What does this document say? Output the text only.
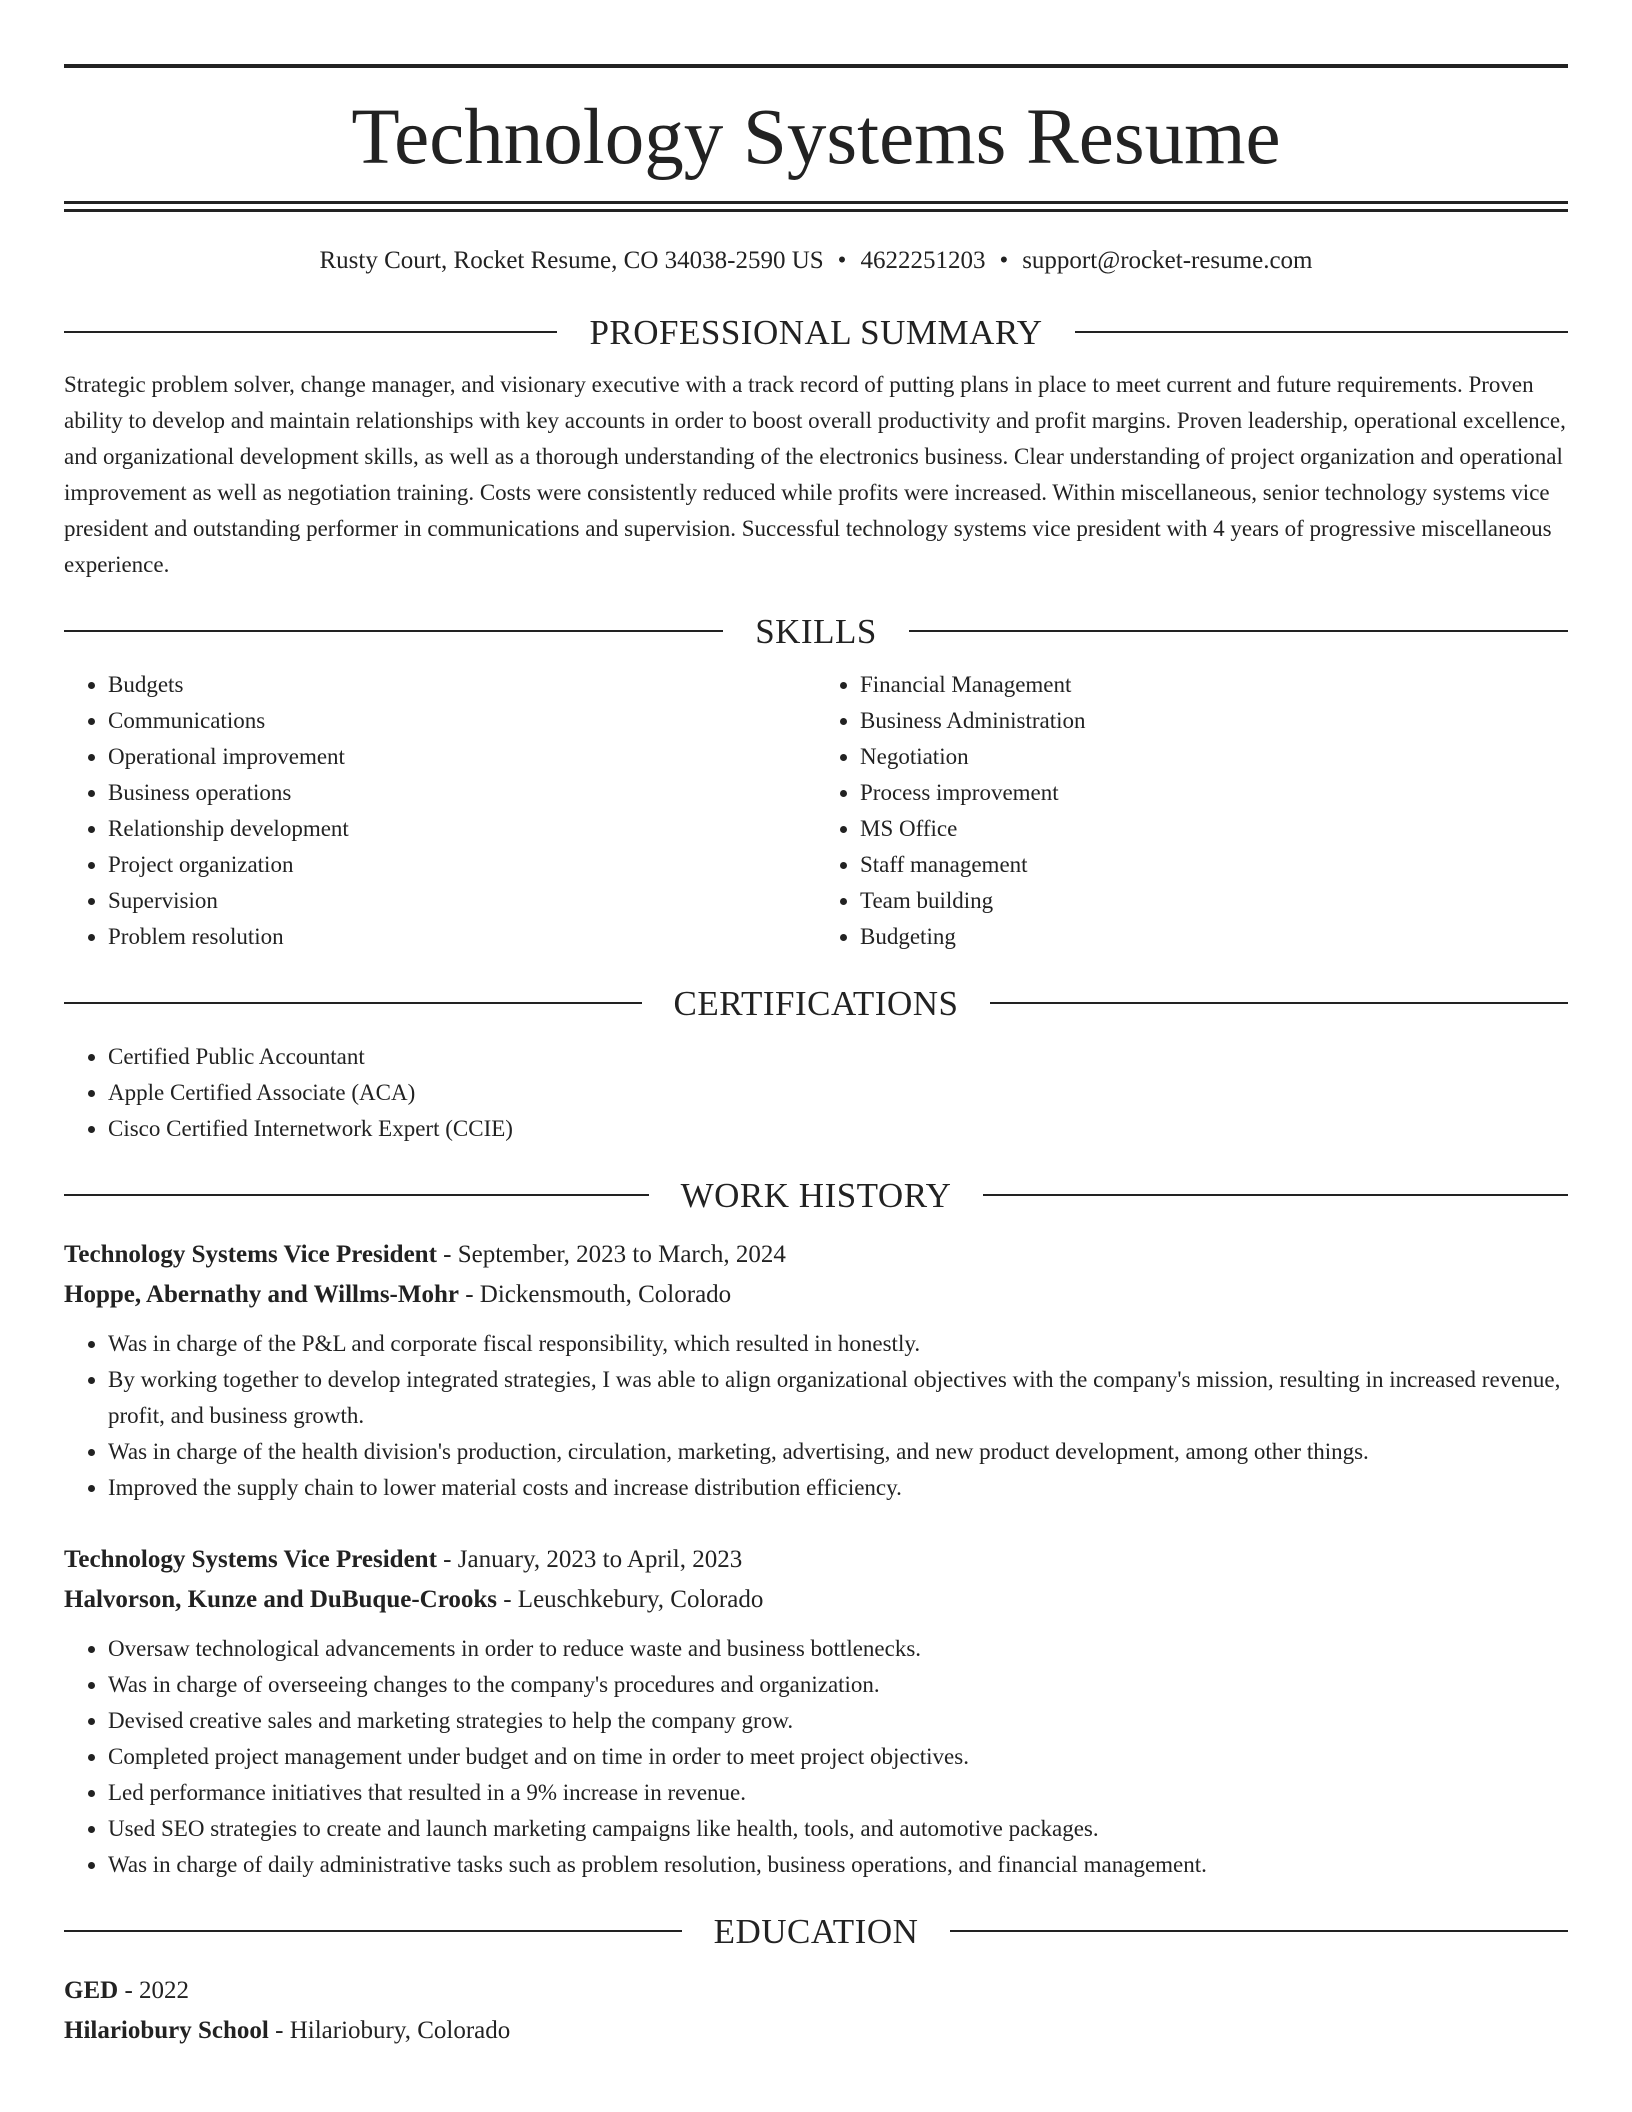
Technology Systems Resume
Rusty Court, Rocket Resume, CO 34038-2590 US • 4622251203 • support@rocket-resume.com
PROFESSIONAL SUMMARY
Strategic problem solver, change manager, and visionary executive with a track record of putting plans in place to meet current and future requirements. Proven ability to develop and maintain relationships with key accounts in order to boost overall productivity and profit margins. Proven leadership, operational excellence, and organizational development skills, as well as a thorough understanding of the electronics business. Clear understanding of project organization and operational improvement as well as negotiation training. Costs were consistently reduced while profits were increased. Within miscellaneous, senior technology systems vice president and outstanding performer in communications and supervision. Successful technology systems vice president with 4 years of progressive miscellaneous experience.
SKILLS
• Budgets
• Communications
• Operational improvement
• Business operations
• Relationship development
• Project organization
• Supervision
• Problem resolution
• Financial Management
• Business Administration
• Negotiation
• Process improvement
• MS Office
• Staff management
• Team building
• Budgeting
CERTIFICATIONS
• Certified Public Accountant
• Apple Certified Associate (ACA)
• Cisco Certified Internetwork Expert (CCIE)
WORK HISTORY
Technology Systems Vice President - September, 2023 to March, 2024
Hoppe, Abernathy and Willms-Mohr - Dickensmouth, Colorado
• Was in charge of the P&L and corporate fiscal responsibility, which resulted in honestly.
• By working together to develop integrated strategies, I was able to align organizational objectives with the company's mission, resulting in increased revenue, profit, and business growth.
• Was in charge of the health division's production, circulation, marketing, advertising, and new product development, among other things.
• Improved the supply chain to lower material costs and increase distribution efficiency.
Technology Systems Vice President - January, 2023 to April, 2023
Halvorson, Kunze and DuBuque-Crooks - Leuschkebury, Colorado
• Oversaw technological advancements in order to reduce waste and business bottlenecks.
• Was in charge of overseeing changes to the company's procedures and organization.
• Devised creative sales and marketing strategies to help the company grow.
• Completed project management under budget and on time in order to meet project objectives.
• Led performance initiatives that resulted in a 9% increase in revenue.
• Used SEO strategies to create and launch marketing campaigns like health, tools, and automotive packages.
• Was in charge of daily administrative tasks such as problem resolution, business operations, and financial management.
EDUCATION
GED - 2022
Hilariobury School - Hilariobury, Colorado
